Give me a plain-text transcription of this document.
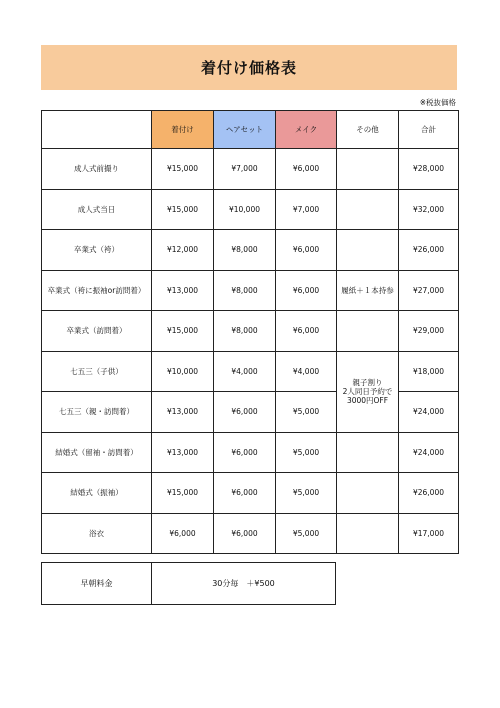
着付け価格表
※税抜価格
	着付け	ヘアセット	メイク	その他	合計
成人式前撮り	¥15,000	¥7,000	¥6,000		¥28,000
成人式当日	¥15,000	¥10,000	¥7,000		¥32,000
卒業式（袴）	¥12,000	¥8,000	¥6,000		¥26,000
卒業式（袴に振袖or訪問着）	¥13,000	¥8,000	¥6,000	履紙＋１本持参	¥27,000
卒業式（訪問着）	¥15,000	¥8,000	¥6,000		¥29,000
七五三（子供）	¥10,000	¥4,000	¥4,000	親子割り
2人同日予約で
3000円OFF	¥18,000
七五三（親・訪問着）	¥13,000	¥6,000	¥5,000		¥24,000
結婚式（留袖・訪問着）	¥13,000	¥6,000	¥5,000		¥24,000
結婚式（振袖）	¥15,000	¥6,000	¥5,000		¥26,000
浴衣	¥6,000	¥6,000	¥5,000		¥17,000
早朝料金	30分毎　＋¥500
